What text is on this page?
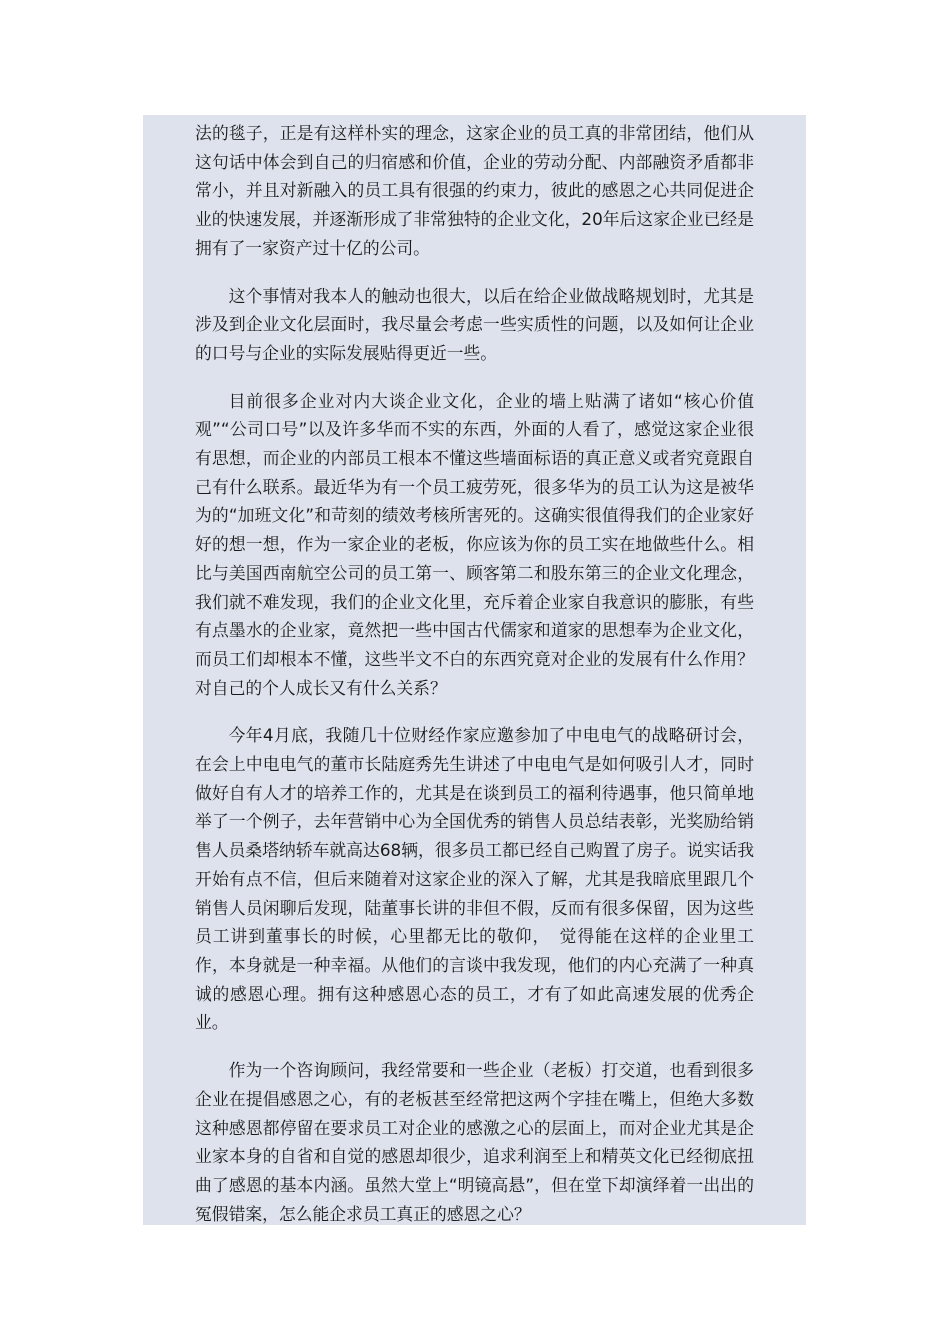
法的毯子，正是有这样朴实的理念，这家企业的员工真的非常团结，他们从这句话中体会到自己的归宿感和价值，企业的劳动分配、内部融资矛盾都非常小，并且对新融入的员工具有很强的约束力，彼此的感恩之心共同促进企业的快速发展，并逐渐形成了非常独特的企业文化，20年后这家企业已经是拥有了一家资产过十亿的公司。

这个事情对我本人的触动也很大，以后在给企业做战略规划时，尤其是涉及到企业文化层面时，我尽量会考虑一些实质性的问题，以及如何让企业的口号与企业的实际发展贴得更近一些。

目前很多企业对内大谈企业文化，企业的墙上贴满了诸如“核心价值观”“公司口号”以及许多华而不实的东西，外面的人看了，感觉这家企业很有思想，而企业的内部员工根本不懂这些墙面标语的真正意义或者究竟跟自己有什么联系。最近华为有一个员工疲劳死，很多华为的员工认为这是被华为的“加班文化”和苛刻的绩效考核所害死的。这确实很值得我们的企业家好好的想一想，作为一家企业的老板，你应该为你的员工实在地做些什么。相比与美国西南航空公司的员工第一、顾客第二和股东第三的企业文化理念，我们就不难发现，我们的企业文化里，充斥着企业家自我意识的膨胀，有些有点墨水的企业家，竟然把一些中国古代儒家和道家的思想奉为企业文化，而员工们却根本不懂，这些半文不白的东西究竟对企业的发展有什么作用？对自己的个人成长又有什么关系？

今年4月底，我随几十位财经作家应邀参加了中电电气的战略研讨会，在会上中电电气的董市长陆庭秀先生讲述了中电电气是如何吸引人才，同时做好自有人才的培养工作的，尤其是在谈到员工的福利待遇事，他只简单地举了一个例子，去年营销中心为全国优秀的销售人员总结表彰，光奖励给销售人员桑塔纳轿车就高达68辆，很多员工都已经自己购置了房子。说实话我开始有点不信，但后来随着对这家企业的深入了解，尤其是我暗底里跟几个销售人员闲聊后发现，陆董事长讲的非但不假，反而有很多保留，因为这些员工讲到董事长的时候，心里都无比的敬仰，　觉得能在这样的企业里工作，本身就是一种幸福。从他们的言谈中我发现，他们的内心充满了一种真诚的感恩心理。拥有这种感恩心态的员工，才有了如此高速发展的优秀企业。

作为一个咨询顾问，我经常要和一些企业（老板）打交道，也看到很多企业在提倡感恩之心，有的老板甚至经常把这两个字挂在嘴上，但绝大多数这种感恩都停留在要求员工对企业的感激之心的层面上，而对企业尤其是企业家本身的自省和自觉的感恩却很少，追求利润至上和精英文化已经彻底扭曲了感恩的基本内涵。虽然大堂上“明镜高悬”，但在堂下却演绎着一出出的冤假错案，怎么能企求员工真正的感恩之心？
